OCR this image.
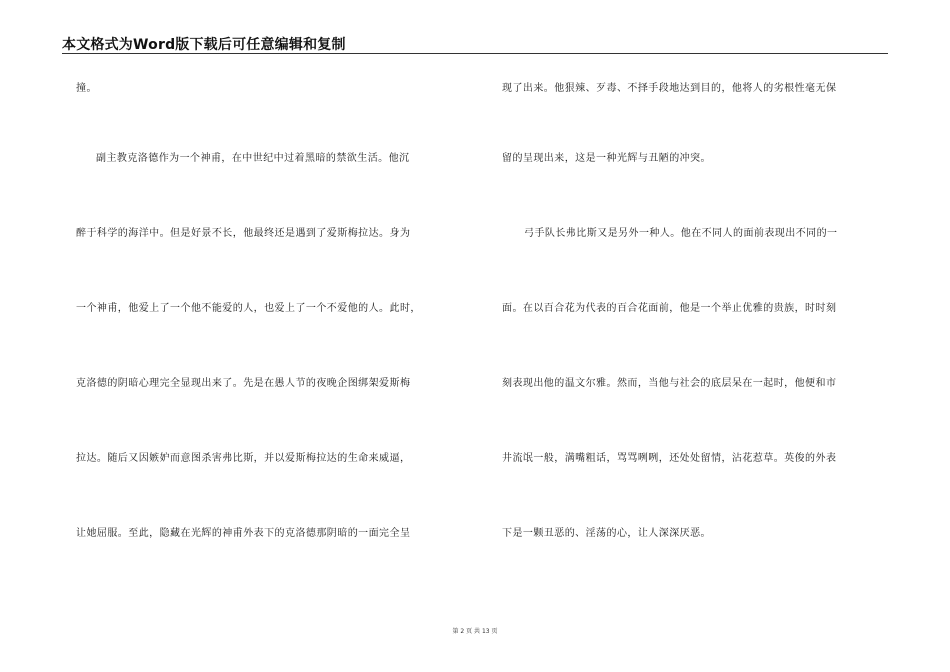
本文格式为Word版下载后可任意编辑和复制
撞。
副主教克洛德作为一个神甫，在中世纪中过着黑暗的禁欲生活。他沉
醉于科学的海洋中。但是好景不长，他最终还是遇到了爱斯梅拉达。身为
一个神甫，他爱上了一个他不能爱的人，也爱上了一个不爱他的人。此时，
克洛德的阴暗心理完全显现出来了。先是在愚人节的夜晚企图绑架爱斯梅
拉达。随后又因嫉妒而意图杀害弗比斯，并以爱斯梅拉达的生命来威逼，
让她屈服。至此，隐藏在光辉的神甫外表下的克洛德那阴暗的一面完全呈
现了出来。他狠辣、歹毒、不择手段地达到目的，他将人的劣根性毫无保
留的呈现出来，这是一种光辉与丑陋的冲突。
弓手队长弗比斯又是另外一种人。他在不同人的面前表现出不同的一
面。在以百合花为代表的百合花面前，他是一个举止优雅的贵族，时时刻
刻表现出他的温文尔雅。然而，当他与社会的底层呆在一起时，他便和市
井流氓一般，满嘴粗话，骂骂咧咧，还处处留情，沾花惹草。英俊的外表
下是一颗丑恶的、淫荡的心，让人深深厌恶。
第 2 页 共 13 页
